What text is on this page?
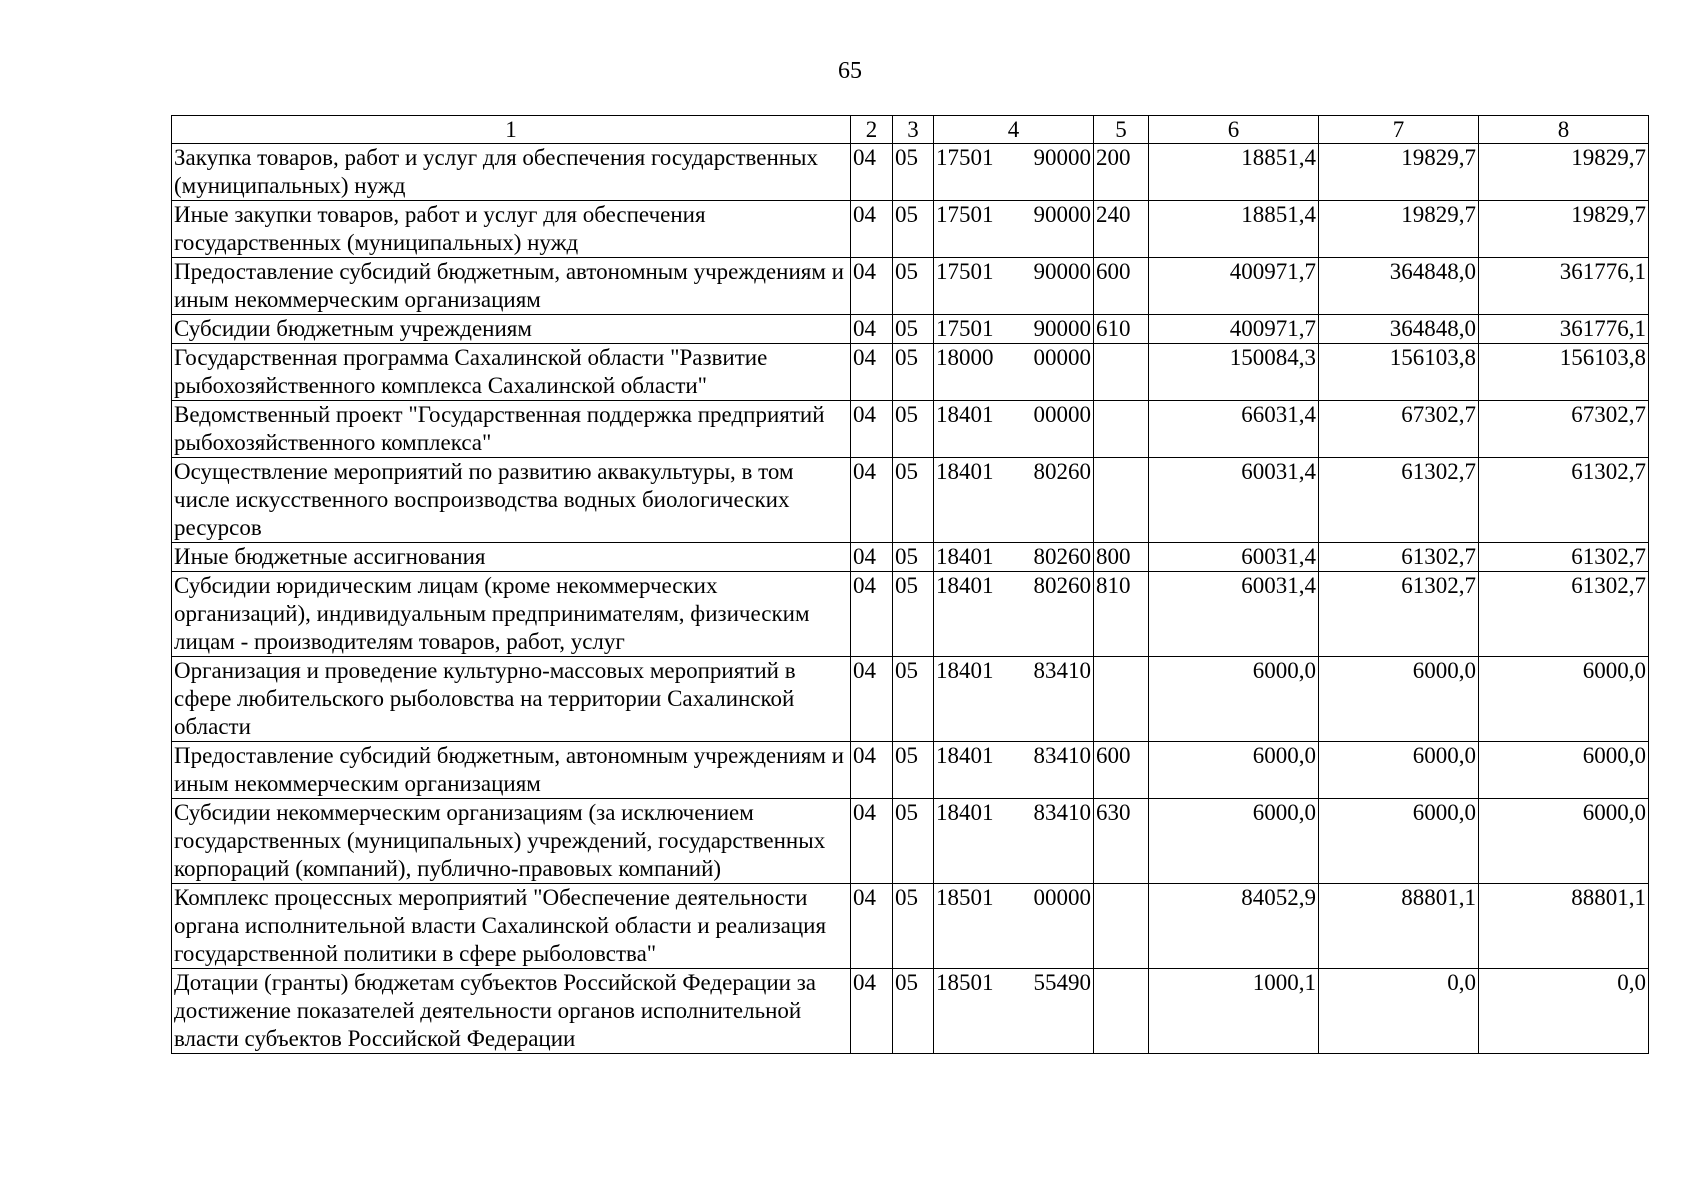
65
1	2	3	4		5	6	7	8
Закупка товаров, работ и услуг для обеспечения государственных (муниципальных) нужд	04	05	17501	90000	200	18851,4	19829,7	19829,7
Иные закупки товаров, работ и услуг для обеспечения государственных (муниципальных) нужд	04	05	17501	90000	240	18851,4	19829,7	19829,7
Предоставление субсидий бюджетным, автономным учреждениям и иным некоммерческим организациям	04	05	17501	90000	600	400971,7	364848,0	361776,1
Субсидии бюджетным учреждениям	04	05	17501	90000	610	400971,7	364848,0	361776,1
Государственная программа Сахалинской области "Развитие рыбохозяйственного комплекса Сахалинской области"	04	05	18000	00000		150084,3	156103,8	156103,8
Ведомственный проект "Государственная поддержка предприятий рыбохозяйственного комплекса"	04	05	18401	00000		66031,4	67302,7	67302,7
Осуществление мероприятий по развитию аквакультуры, в том числе искусственного воспроизводства водных биологических ресурсов	04	05	18401	80260		60031,4	61302,7	61302,7
Иные бюджетные ассигнования	04	05	18401	80260	800	60031,4	61302,7	61302,7
Субсидии юридическим лицам (кроме некоммерческих организаций), индивидуальным предпринимателям, физическим лицам - производителям товаров, работ, услуг	04	05	18401	80260	810	60031,4	61302,7	61302,7
Организация и проведение культурно-массовых мероприятий в сфере любительского рыболовства на территории Сахалинской области	04	05	18401	83410		6000,0	6000,0	6000,0
Предоставление субсидий бюджетным, автономным учреждениям и иным некоммерческим организациям	04	05	18401	83410	600	6000,0	6000,0	6000,0
Субсидии некоммерческим организациям (за исключением государственных (муниципальных) учреждений, государственных корпораций (компаний), публично-правовых компаний)	04	05	18401	83410	630	6000,0	6000,0	6000,0
Комплекс процессных мероприятий "Обеспечение деятельности органа исполнительной власти Сахалинской области и реализация государственной политики в сфере рыболовства"	04	05	18501	00000		84052,9	88801,1	88801,1
Дотации (гранты) бюджетам субъектов Российской Федерации за достижение показателей деятельности органов исполнительной власти субъектов Российской Федерации	04	05	18501	55490		1000,1	0,0	0,0
